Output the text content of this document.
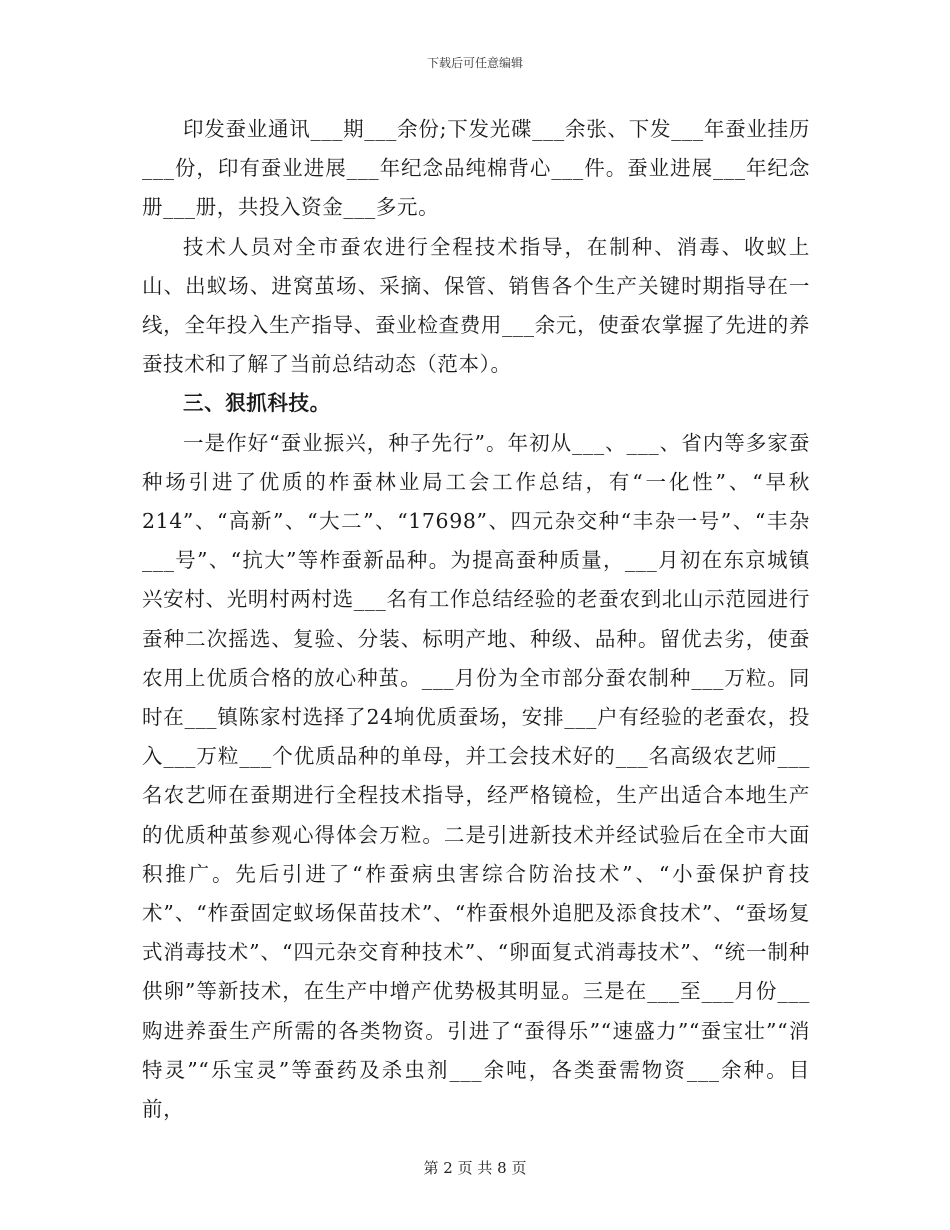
下载后可任意编辑

印发蚕业通讯___期___余份;下发光碟___余张、下发___年蚕业挂历___份，印有蚕业进展___年纪念品纯棉背心___件。蚕业进展___年纪念册___册，共投入资金___多元。

技术人员对全市蚕农进行全程技术指导，在制种、消毒、收蚁上山、出蚁场、进窝茧场、采摘、保管、销售各个生产关键时期指导在一线，全年投入生产指导、蚕业检查费用___余元，使蚕农掌握了先进的养蚕技术和了解了当前总结动态（范本）。

三、狠抓科技。

一是作好“蚕业振兴，种子先行”。年初从___、___、省内等多家蚕种场引进了优质的柞蚕林业局工会工作总结，有“一化性”、“早秋214”、“高新”、“大二”、“17698”、四元杂交种“丰杂一号”、“丰杂___号”、“抗大”等柞蚕新品种。为提高蚕种质量，___月初在东京城镇兴安村、光明村两村选___名有工作总结经验的老蚕农到北山示范园进行蚕种二次摇选、复验、分装、标明产地、种级、品种。留优去劣，使蚕农用上优质合格的放心种茧。___月份为全市部分蚕农制种___万粒。同时在___镇陈家村选择了24垧优质蚕场，安排___户有经验的老蚕农，投入___万粒___个优质品种的单母，并工会技术好的___名高级农艺师___名农艺师在蚕期进行全程技术指导，经严格镜检，生产出适合本地生产的优质种茧参观心得体会万粒。二是引进新技术并经试验后在全市大面积推广。先后引进了“柞蚕病虫害综合防治技术”、“小蚕保护育技术”、“柞蚕固定蚁场保苗技术”、“柞蚕根外追肥及添食技术”、“蚕场复式消毒技术”、“四元杂交育种技术”、“卵面复式消毒技术”、“统一制种供卵”等新技术，在生产中增产优势极其明显。三是在___至___月份___购进养蚕生产所需的各类物资。引进了“蚕得乐”“速盛力”“蚕宝壮”“消特灵”“乐宝灵”等蚕药及杀虫剂___余吨，各类蚕需物资___余种。目前，

第 2 页 共 8 页
